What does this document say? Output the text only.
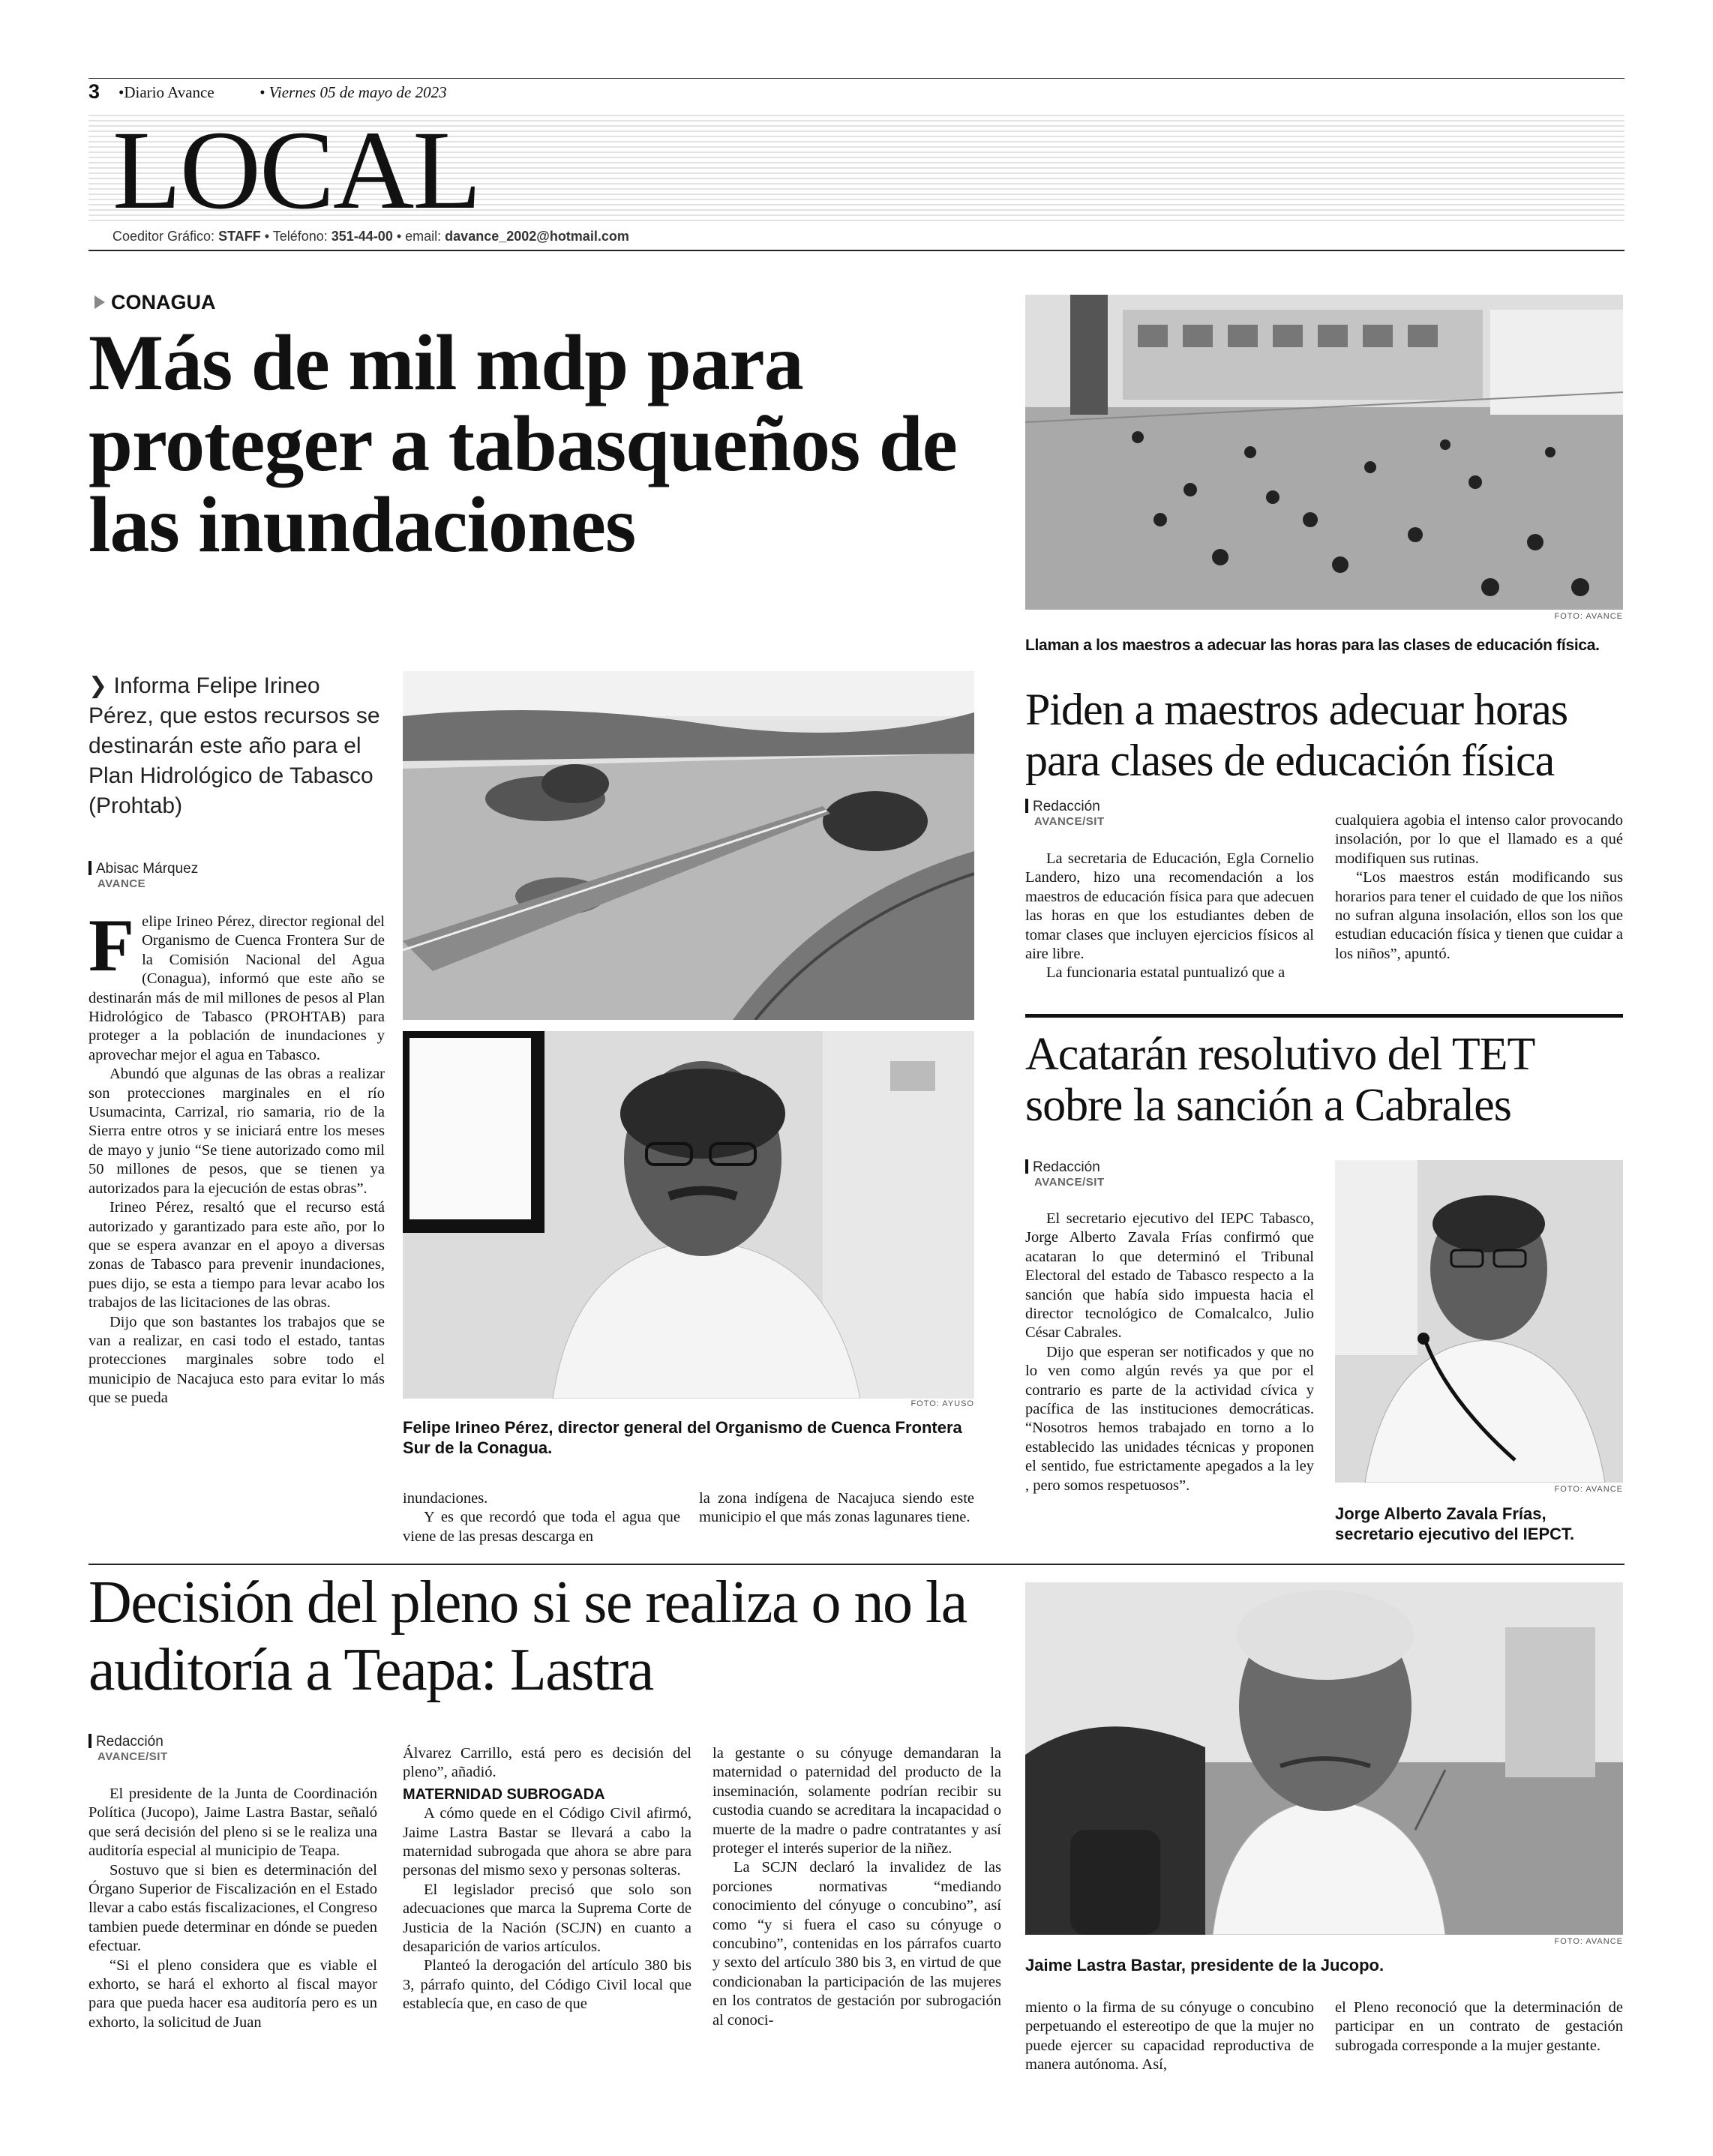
3 •Diario Avance	• Viernes 05 de mayo de 2023
LOCAL
Coeditor Gráfico: STAFF • Teléfono: 351-44-00 • email: davance_2002@hotmail.com
CONAGUA
Más de mil mdp para proteger a tabasqueños de las inundaciones
❯ Informa Felipe Irineo Pérez, que estos recursos se destinarán este año para el Plan Hidrológico de Tabasco (Prohtab)
Abisac Márquez
AVANCE

Felipe Irineo Pérez, director regional del Organismo de Cuenca Frontera Sur de la Comisión Nacional del Agua (Conagua), informó que este año se destinarán más de mil millones de pesos al Plan Hidrológico de Tabasco (PROHTAB) para proteger a la población de inundaciones y aprovechar mejor el agua en Tabasco.

Abundó que algunas de las obras a realizar son protecciones marginales en el río Usumacinta, Carrizal, rio samaria, rio de la Sierra entre otros y se iniciará entre los meses de mayo y junio “Se tiene autorizado como mil 50 millones de pesos, que se tienen ya autorizados para la ejecución de estas obras”.

Irineo Pérez, resaltó que el recurso está autorizado y garantizado para este año, por lo que se espera avanzar en el apoyo a diversas zonas de Tabasco para prevenir inundaciones, pues dijo, se esta a tiempo para levar acabo los trabajos de las licitaciones de las obras.

Dijo que son bastantes los trabajos que se van a realizar, en casi todo el estado, tantas protecciones marginales sobre todo el municipio de Nacajuca esto para evitar lo más que se pueda	FOTO: AYUSO
Felipe Irineo Pérez, director general del Organismo de Cuenca Frontera Sur de la Conagua.

inundaciones.

Y es que recordó que toda el agua que viene de las presas descarga en

la zona indígena de Nacajuca siendo este municipio el que más zonas lagunares tiene.

FOTO: AVANCE
Llaman a los maestros a adecuar las horas para las clases de educación física.
Piden a maestros adecuar horas para clases de educación física
Redacción
AVANCE/SIT

La secretaria de Educación, Egla Cornelio Landero, hizo una recomendación a los maestros de educación física para que adecuen las horas en que los estudiantes deben de tomar clases que incluyen ejercicios físicos al aire libre.

La funcionaria estatal puntualizó que a

cualquiera agobia el intenso calor provocando insolación, por lo que el llamado es a qué modifiquen sus rutinas.

“Los maestros están modificando sus horarios para tener el cuidado de que los niños no sufran alguna insolación, ellos son los que estudian educación física y tienen que cuidar a los niños”, apuntó.

Acatarán resolutivo del TET sobre la sanción a Cabrales
Redacción
AVANCE/SIT

El secretario ejecutivo del IEPC Tabasco, Jorge Alberto Zavala Frías confirmó que acataran lo que determinó el Tribunal Electoral del estado de Tabasco respecto a la sanción que había sido impuesta hacia el director tecnológico de Comalcalco, Julio César Cabrales.

Dijo que esperan ser notificados y que no lo ven como algún revés ya que por el contrario es parte de la actividad cívica y pacífica de las instituciones democráticas. “Nosotros hemos trabajado en torno a lo establecido las unidades técnicas y proponen el sentido, fue estrictamente apegados a la ley , pero somos respetuosos”.	FOTO: AVANCE
Jorge Alberto Zavala Frías, secretario ejecutivo del IEPCT.
Decisión del pleno si se realiza o no la auditoría a Teapa: Lastra
Redacción
AVANCE/SIT

El presidente de la Junta de Coordinación Política (Jucopo), Jaime Lastra Bastar, señaló que será decisión del pleno si se le realiza una auditoría especial al municipio de Teapa.

Sostuvo que si bien es determinación del Órgano Superior de Fiscalización en el Estado llevar a cabo estás fiscalizaciones, el Congreso tambien puede determinar en dónde se pueden efectuar.

“Si el pleno considera que es viable el exhorto, se hará el exhorto al fiscal mayor para que pueda hacer esa auditoría pero es un exhorto, la solicitud de Juan

Álvarez Carrillo, está pero es decisión del pleno”, añadió.

MATERNIDAD SUBROGADA

A cómo quede en el Código Civil afirmó, Jaime Lastra Bastar se llevará a cabo la maternidad subrogada que ahora se abre para personas del mismo sexo y personas solteras.

El legislador precisó que solo son adecuaciones que marca la Suprema Corte de Justicia de la Nación (SCJN) en cuanto a desaparición de varios artículos.

Planteó la derogación del artículo 380 bis 3, párrafo quinto, del Código Civil local que establecía que, en caso de que

la gestante o su cónyuge demandaran la maternidad o paternidad del producto de la inseminación, solamente podrían recibir su custodia cuando se acreditara la incapacidad o muerte de la madre o padre contratantes y así proteger el interés superior de la niñez.

La SCJN declaró la invalidez de las porciones normativas “mediando conocimiento del cónyuge o concubino”, así como “y si fuera el caso su cónyuge o concubino”, contenidas en los párrafos cuarto y sexto del artículo 380 bis 3, en virtud de que condicionaban la participación de las mujeres en los contratos de gestación por subrogación al conoci-

FOTO: AVANCE
Jaime Lastra Bastar, presidente de la Jucopo.

miento o la firma de su cónyuge o concubino perpetuando el estereotipo de que la mujer no puede ejercer su capacidad reproductiva de manera autónoma. Así,

el Pleno reconoció que la determinación de participar en un contrato de gestación subrogada corresponde a la mujer gestante.
